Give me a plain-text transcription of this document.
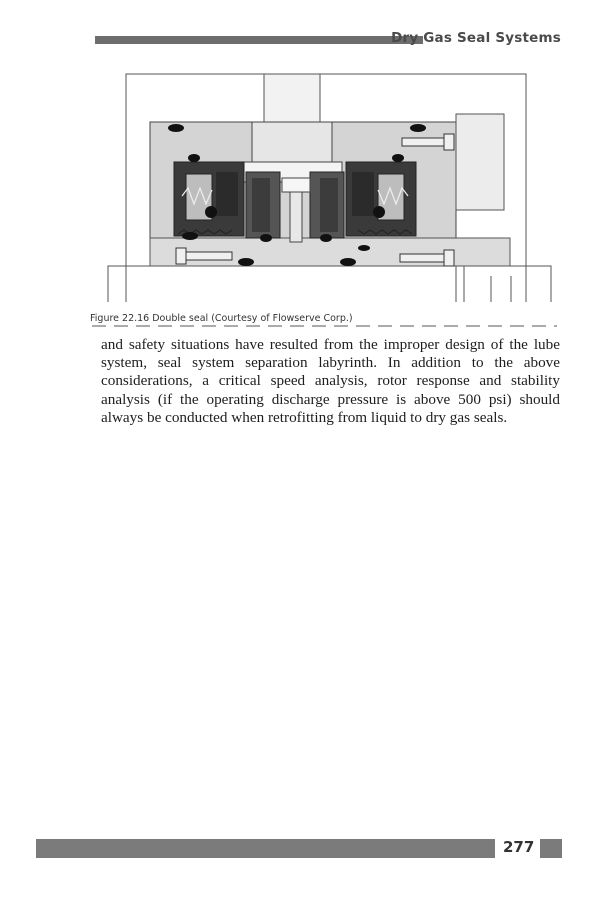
Dry Gas Seal Systems
Figure 22.16 Double seal (Courtesy of Flowserve Corp.)

and safety situations have resulted from the improper design of the lube system, seal system separation labyrinth. In addition to the above considerations, a critical speed analysis, rotor response and stability analysis (if the operating discharge pressure is above 500 psi) should always be conducted when retrofitting from liquid to dry gas seals.

277
